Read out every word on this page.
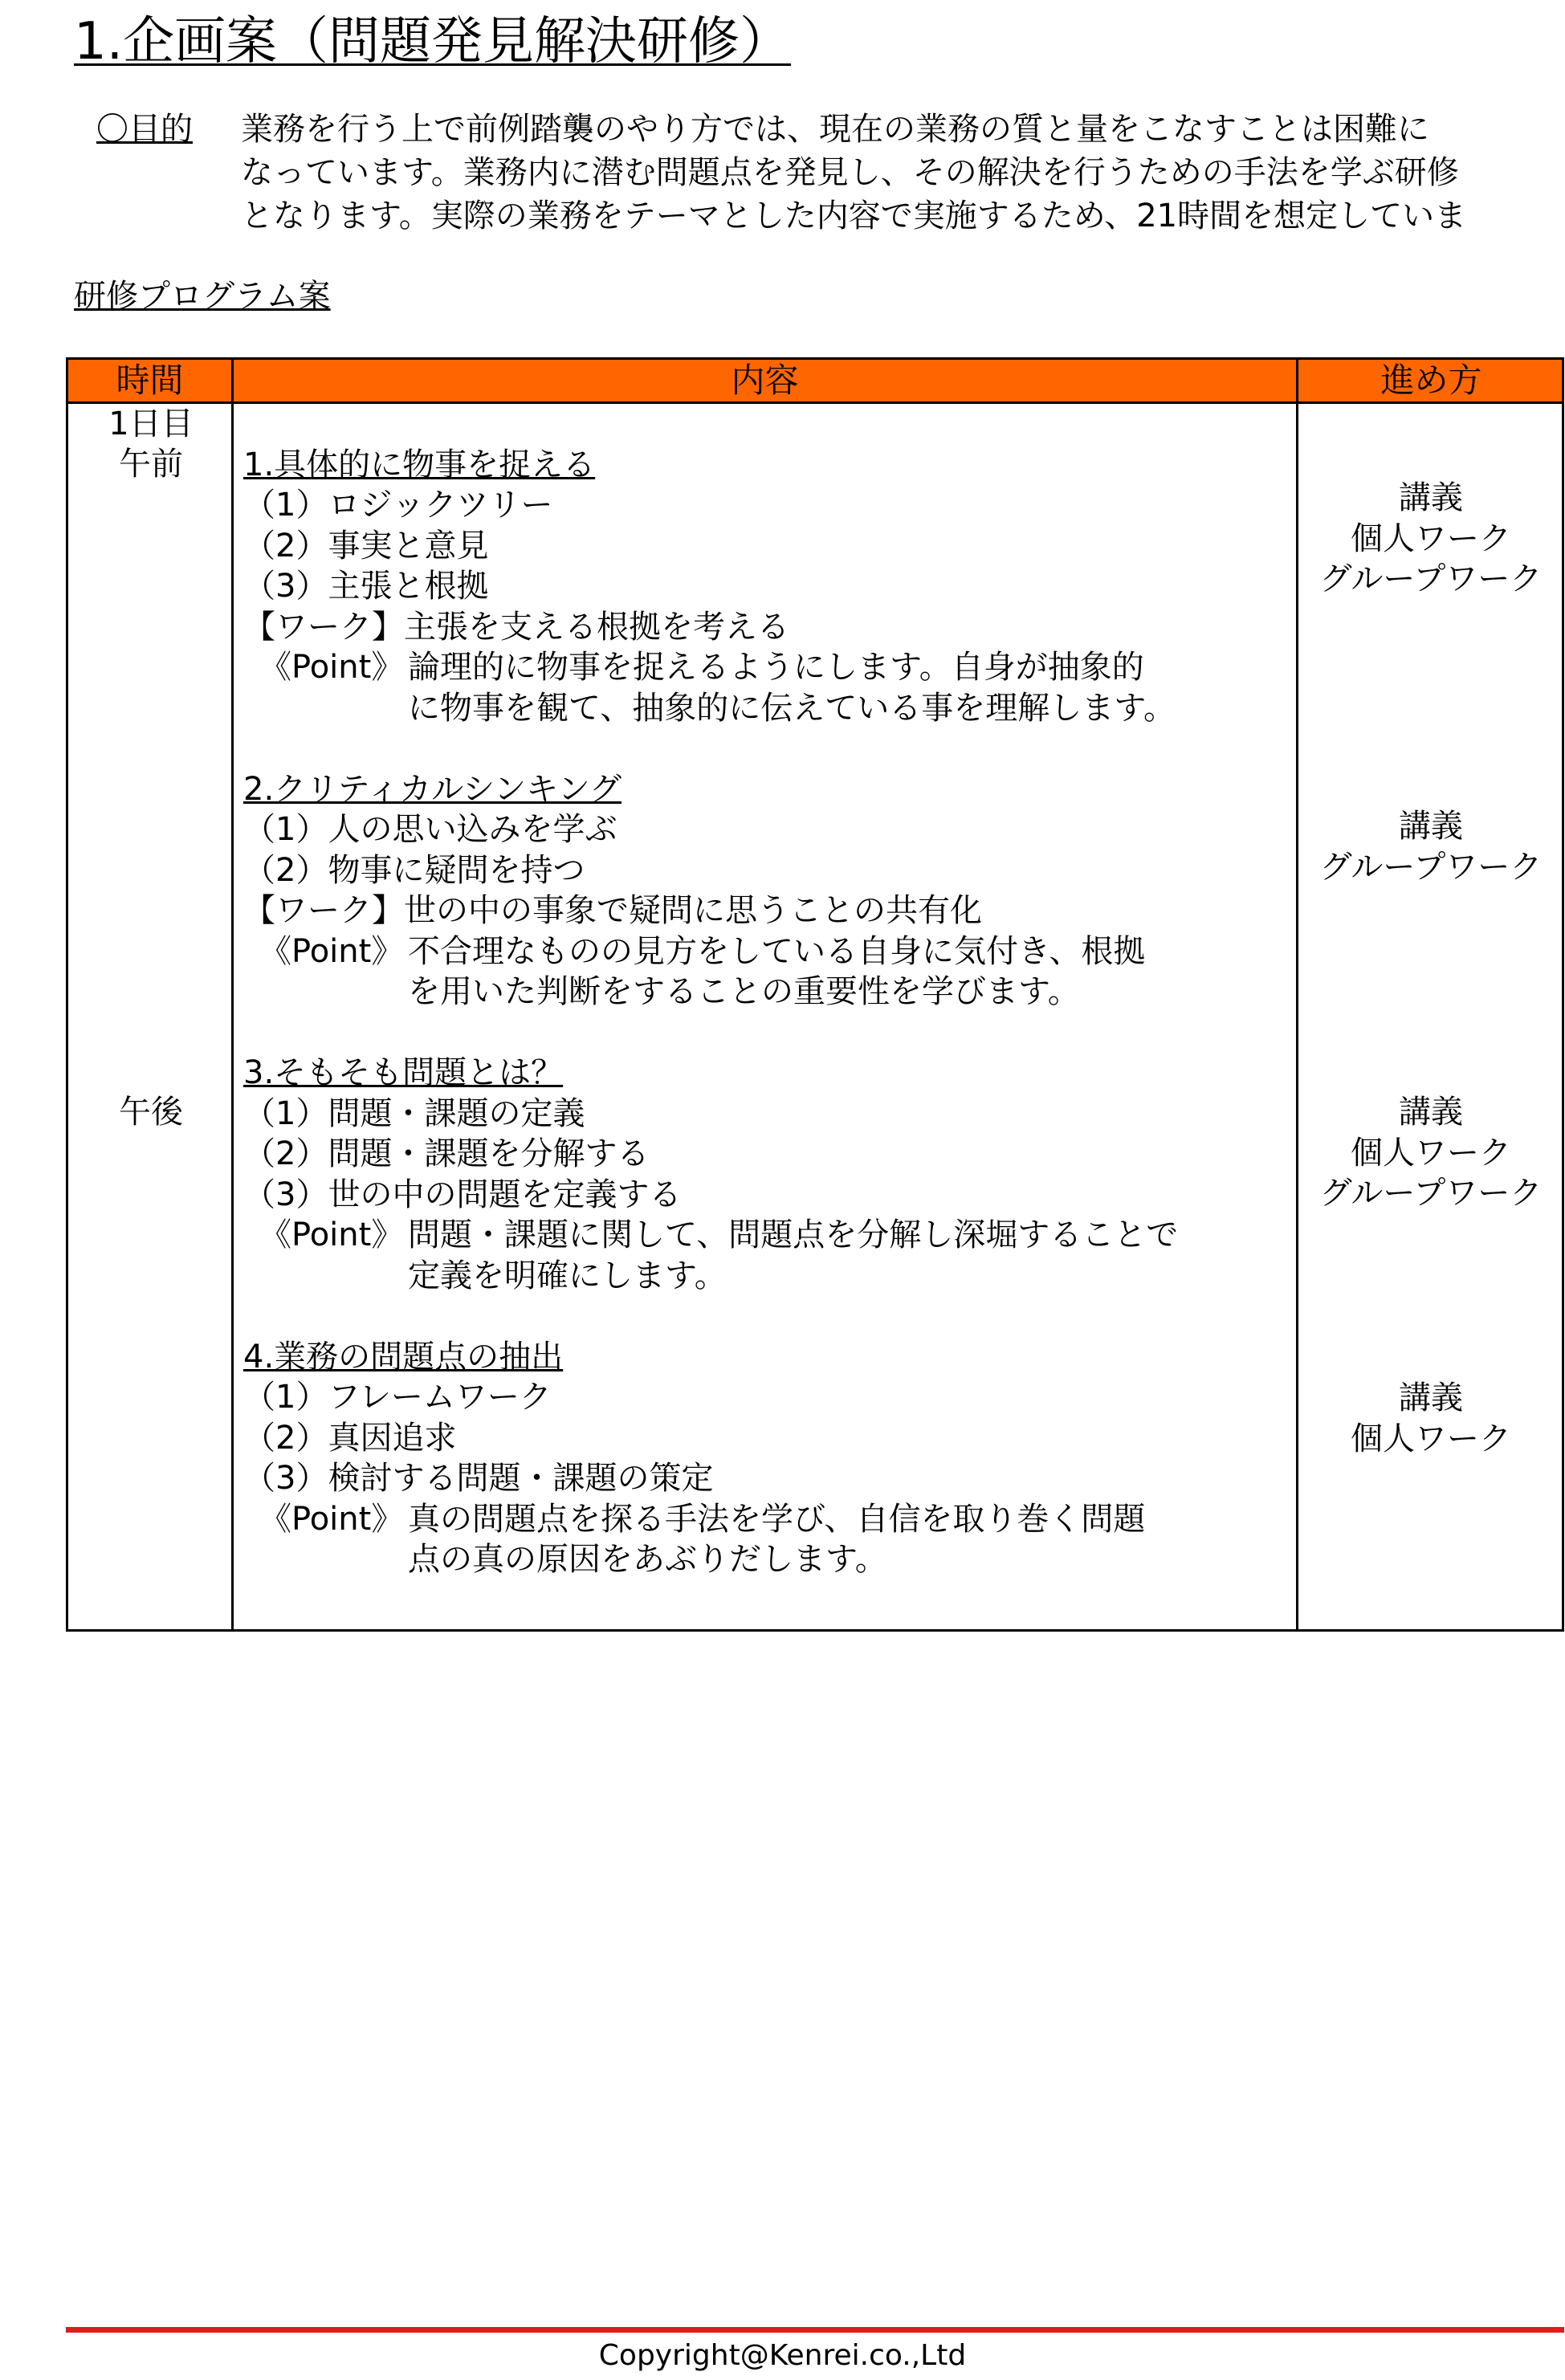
1.企画案（問題発見解決研修）
〇目的 業務を行う上で前例踏襲のやり方では、現在の業務の質と量をこなすことは困難に
なっています。業務内に潜む問題点を発見し、その解決を行うための手法を学ぶ研修
となります。実際の業務をテーマとした内容で実施するため、21時間を想定していま
研修プログラム案
時間	内容	進め方
1日目
午前
午後
1.具体的に物事を捉える
（1）ロジックツリー
（2）事実と意見
（3）主張と根拠
【ワーク】主張を支える根拠を考える
《Point》 論理的に物事を捉えるようにします。自身が抽象的
に物事を観て、抽象的に伝えている事を理解します。
2.クリティカルシンキング
（1）人の思い込みを学ぶ
（2）物事に疑問を持つ
【ワーク】世の中の事象で疑問に思うことの共有化
《Point》 不合理なものの見方をしている自身に気付き、根拠
を用いた判断をすることの重要性を学びます。
3.そもそも問題とは？
（1）問題・課題の定義
（2）問題・課題を分解する
（3）世の中の問題を定義する
《Point》 問題・課題に関して、問題点を分解し深堀することで
定義を明確にします。
4.業務の問題点の抽出
（1）フレームワーク
（2）真因追求
（3）検討する問題・課題の策定
《Point》 真の問題点を探る手法を学び、自信を取り巻く問題
点の真の原因をあぶりだします。
講義
個人ワーク
グループワーク
講義
グループワーク
講義
個人ワーク
グループワーク
講義
個人ワーク
Copyright@Kenrei.co.,Ltd
